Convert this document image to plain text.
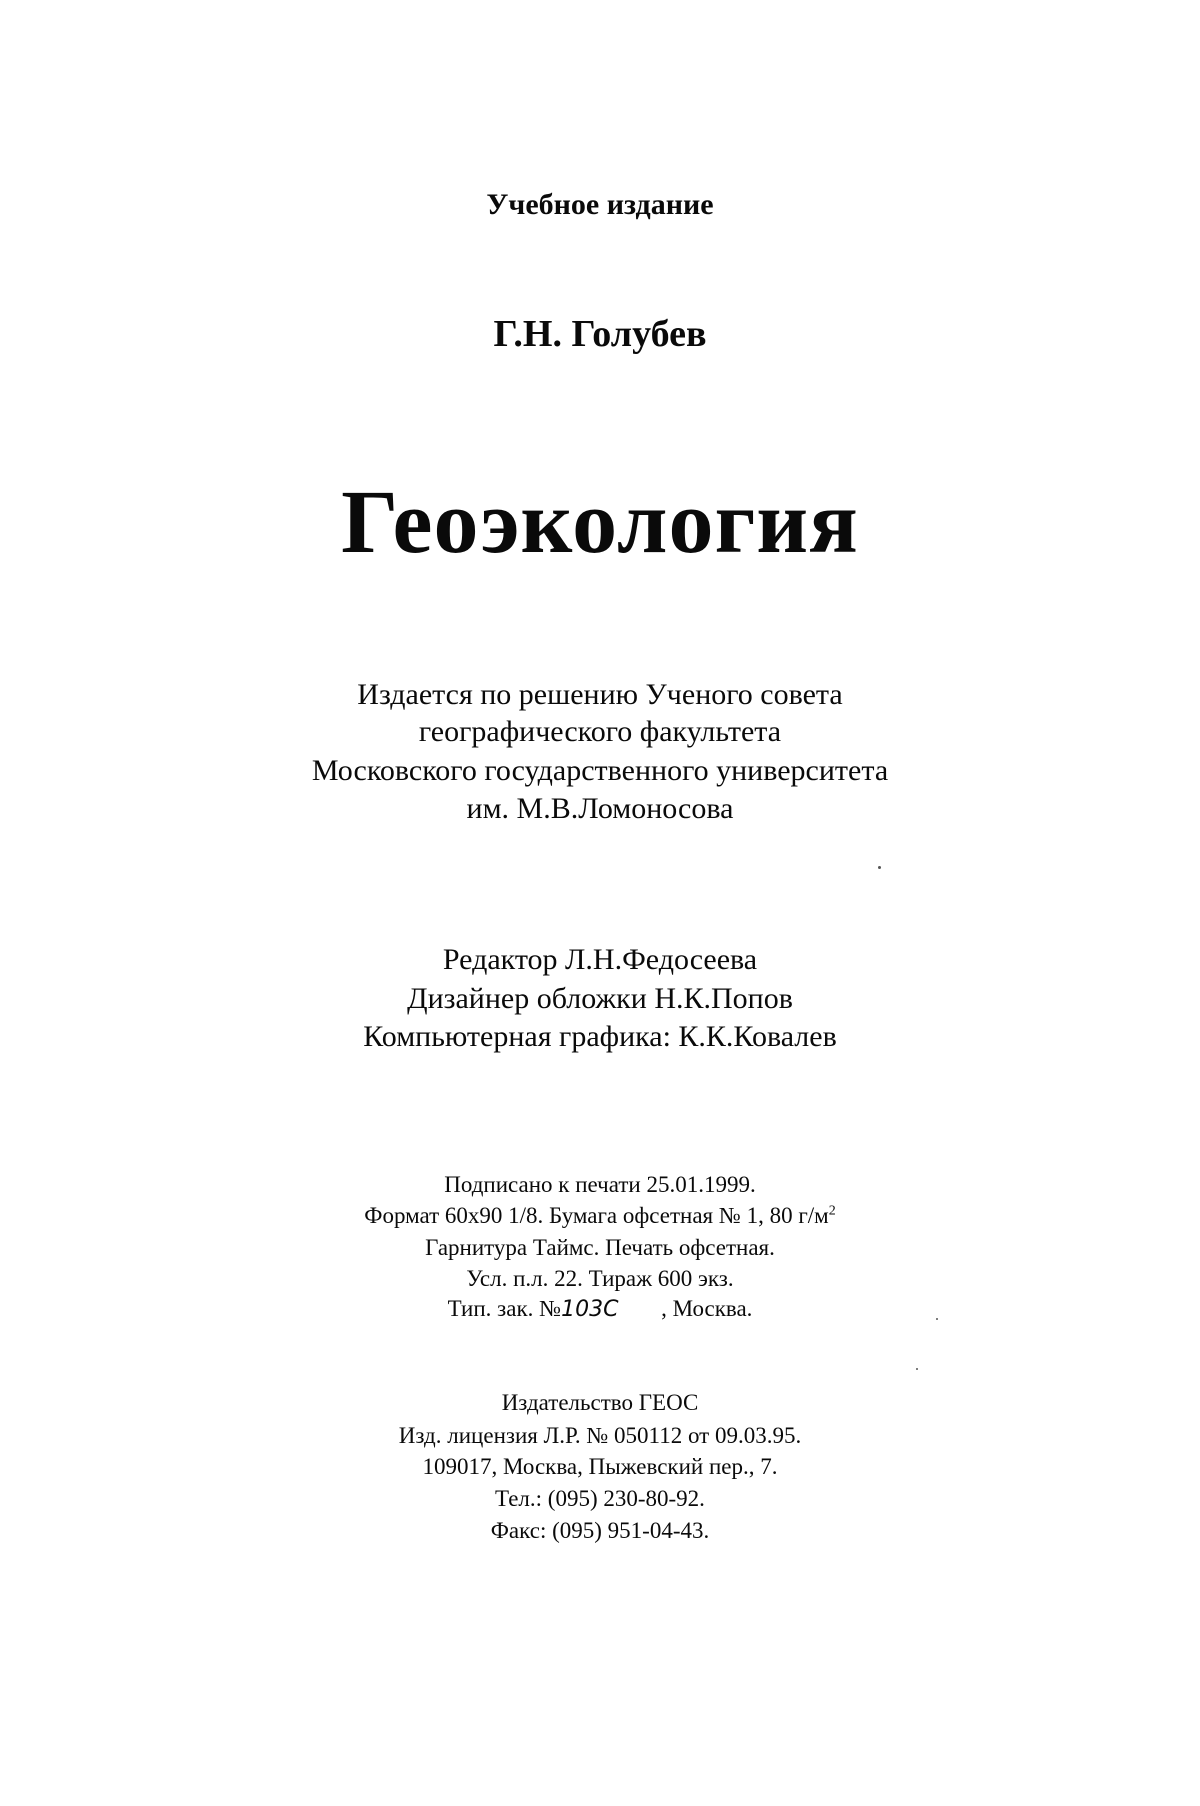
Учебное издание
Г.Н. Голубев
Геоэкология
Издается по решению Ученого совета
географического факультета
Московского государственного университета
им. М.В.Ломоносова
Редактор Л.Н.Федосеева
Дизайнер обложки Н.К.Попов
Компьютерная графика: К.К.Ковалев
Подписано к печати 25.01.1999.
Формат 60x90 1/8. Бумага офсетная № 1, 80 $г/м^2$
Гарнитура Таймс. Печать офсетная.
Усл. п.л. 22. Тираж 600 экз.
Тип. зак. №103С , Москва.
Издательство ГЕОС
Изд. лицензия Л.Р. № 050112 от 09.03.95.
109017, Москва, Пыжевский пер., 7.
Тел.: (095) 230-80-92.
Факс: (095) 951-04-43.
